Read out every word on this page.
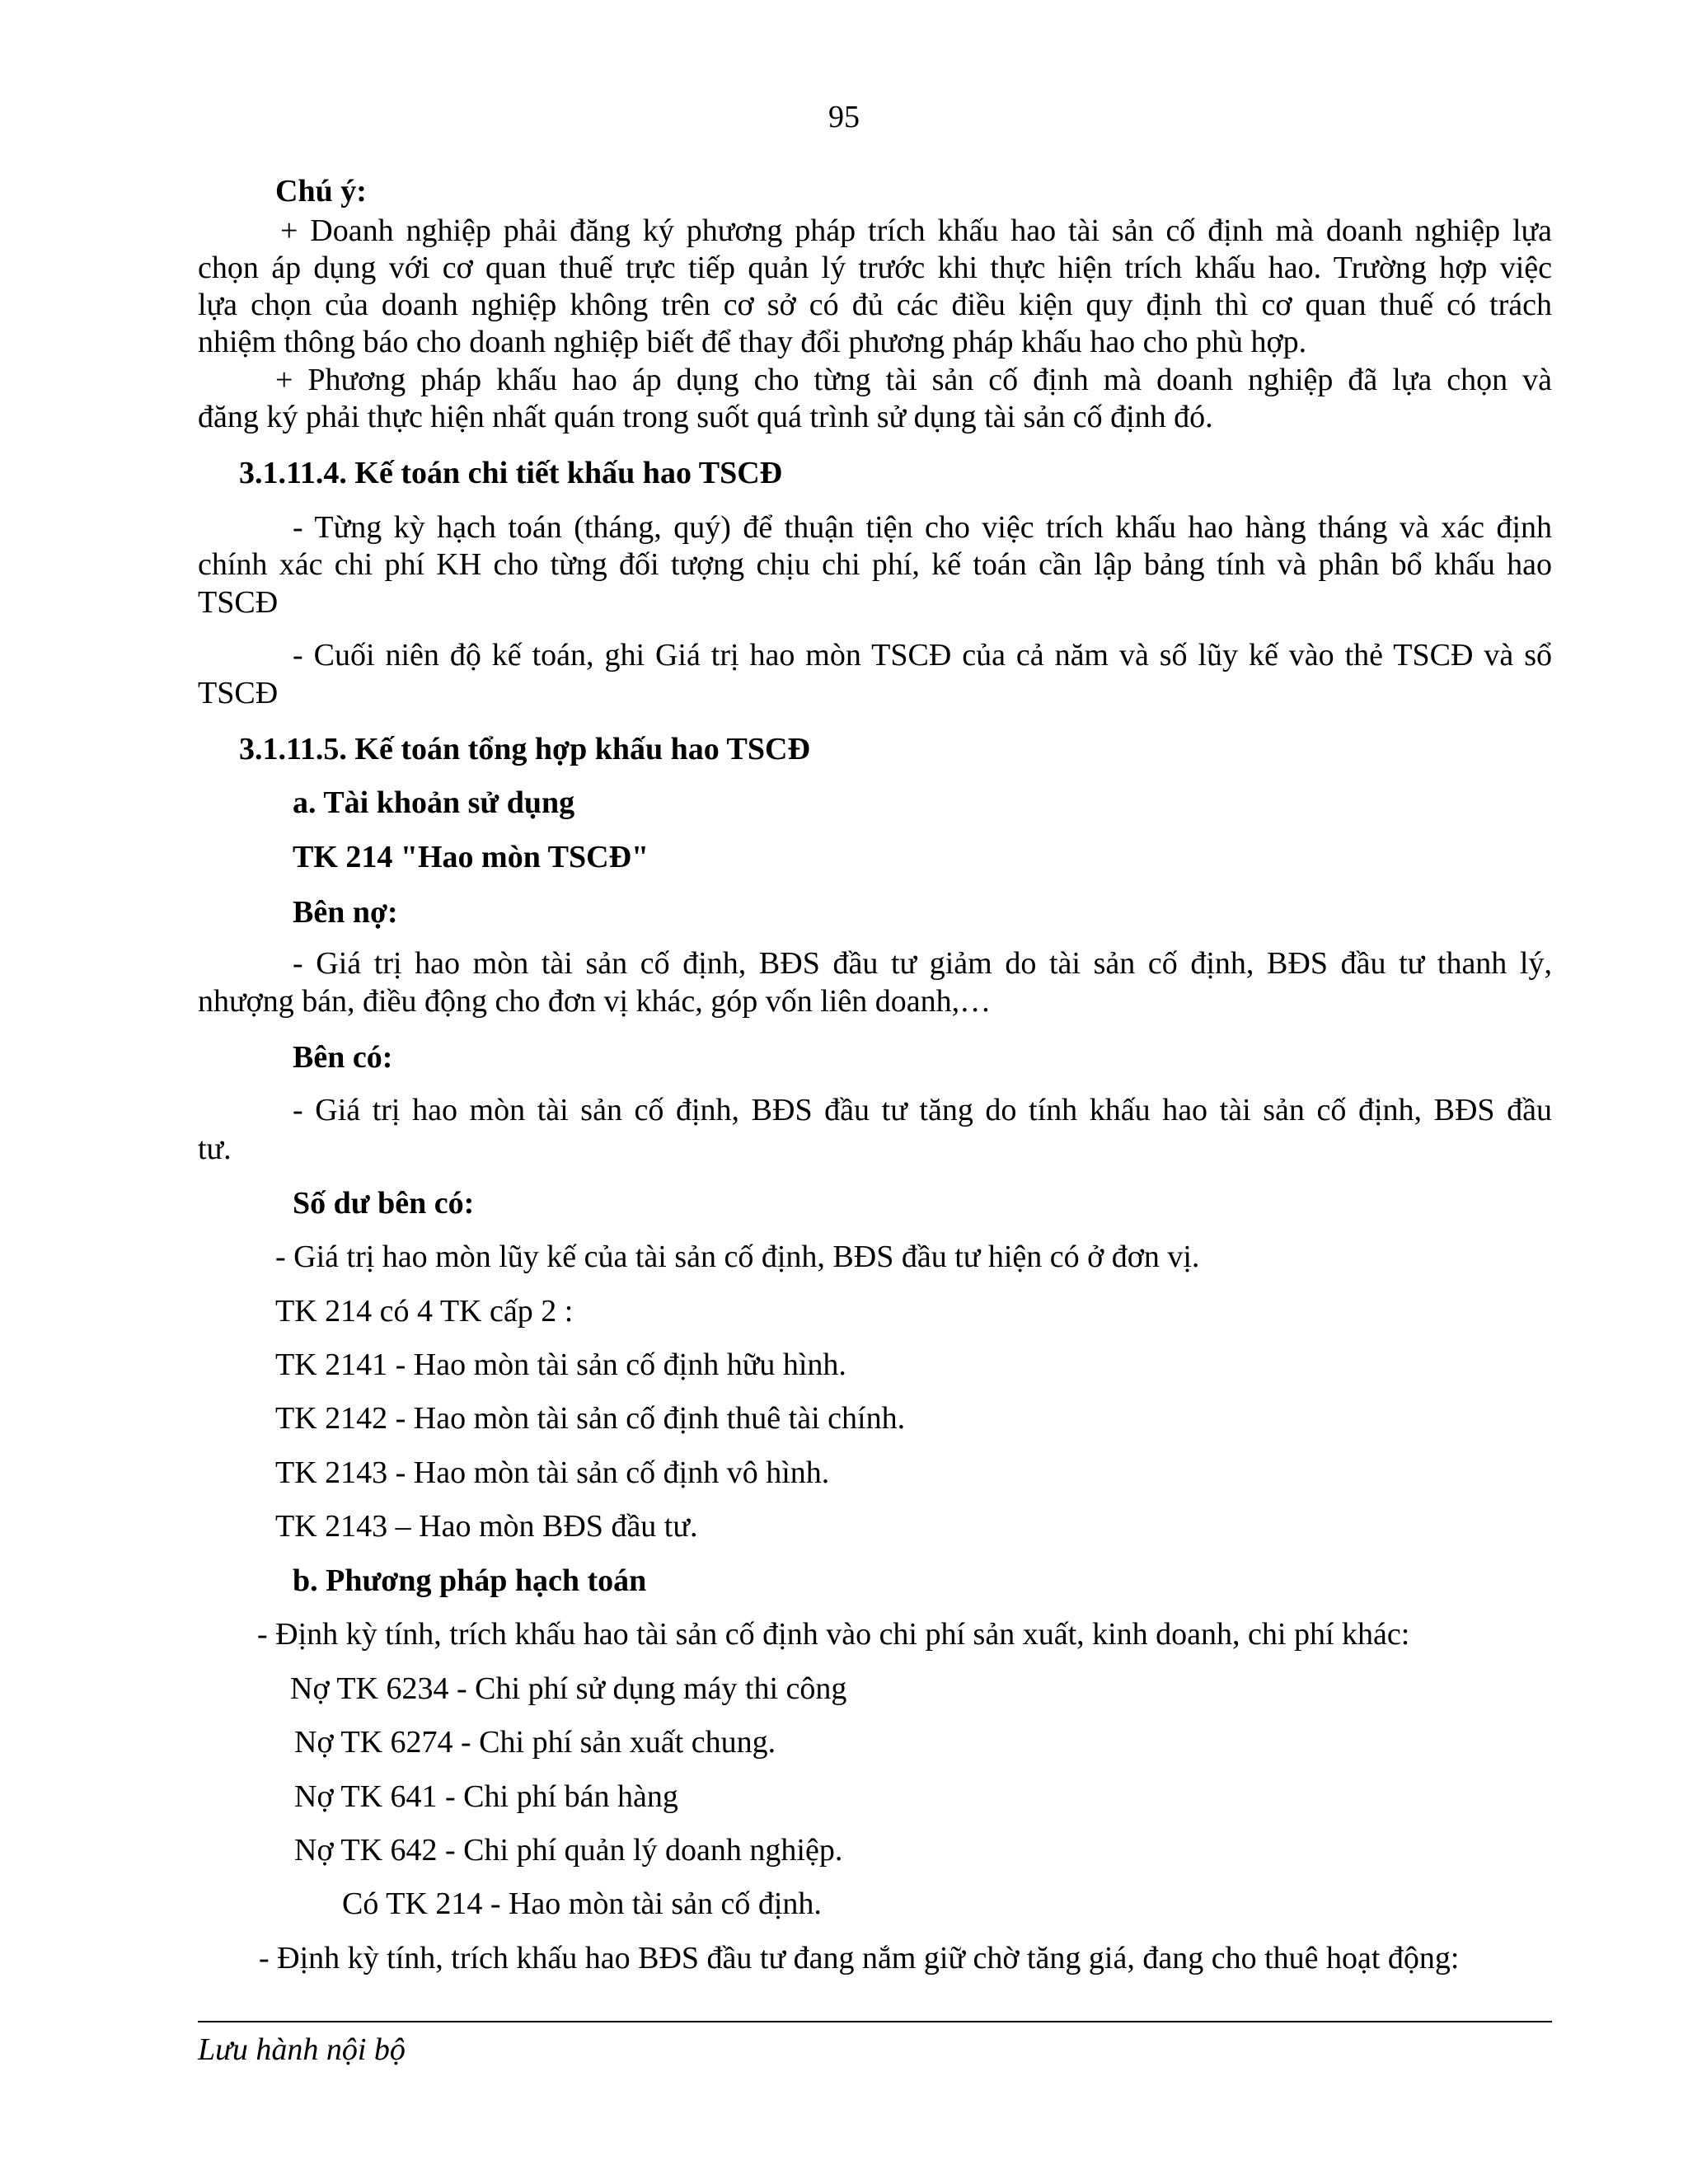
95
Chú ý:
+ Doanh nghiệp phải đăng ký phương pháp trích khấu hao tài sản cố định mà doanh nghiệp lựa
chọn áp dụng với cơ quan thuế trực tiếp quản lý trước khi thực hiện trích khấu hao. Trường hợp việc
lựa chọn của doanh nghiệp không trên cơ sở có đủ các điều kiện quy định thì cơ quan thuế có trách
nhiệm thông báo cho doanh nghiệp biết để thay đổi phương pháp khấu hao cho phù hợp.
+ Phương pháp khấu hao áp dụng cho từng tài sản cố định mà doanh nghiệp đã lựa chọn và
đăng ký phải thực hiện nhất quán trong suốt quá trình sử dụng tài sản cố định đó.
3.1.11.4. Kế toán chi tiết khấu hao TSCĐ
- Từng kỳ hạch toán (tháng, quý) để thuận tiện cho việc trích khấu hao hàng tháng và xác định
chính xác chi phí KH cho từng đối tượng chịu chi phí, kế toán cần lập bảng tính và phân bổ khấu hao
TSCĐ
- Cuối niên độ kế toán, ghi Giá trị hao mòn TSCĐ của cả năm và số lũy kế vào thẻ TSCĐ và sổ
TSCĐ
3.1.11.5. Kế toán tổng hợp khấu hao TSCĐ
a. Tài khoản sử dụng
TK 214 "Hao mòn TSCĐ"
Bên nợ:
- Giá trị hao mòn tài sản cố định, BĐS đầu tư giảm do tài sản cố định, BĐS đầu tư thanh lý,
nhượng bán, điều động cho đơn vị khác, góp vốn liên doanh,…
Bên có:
- Giá trị hao mòn tài sản cố định, BĐS đầu tư tăng do tính khấu hao tài sản cố định, BĐS đầu
tư.
Số dư bên có:
- Giá trị hao mòn lũy kế của tài sản cố định, BĐS đầu tư hiện có ở đơn vị.
TK 214 có 4 TK cấp 2 :
TK 2141 - Hao mòn tài sản cố định hữu hình.
TK 2142 - Hao mòn tài sản cố định thuê tài chính.
TK 2143 - Hao mòn tài sản cố định vô hình.
TK 2143 – Hao mòn BĐS đầu tư.
b. Phương pháp hạch toán
- Định kỳ tính, trích khấu hao tài sản cố định vào chi phí sản xuất, kinh doanh, chi phí khác:
Nợ TK 6234 - Chi phí sử dụng máy thi công
Nợ TK 6274 - Chi phí sản xuất chung.
Nợ TK 641 - Chi phí bán hàng
Nợ TK 642 - Chi phí quản lý doanh nghiệp.
Có TK 214 - Hao mòn tài sản cố định.
- Định kỳ tính, trích khấu hao BĐS đầu tư đang nắm giữ chờ tăng giá, đang cho thuê hoạt động:
Lưu hành nội bộ
